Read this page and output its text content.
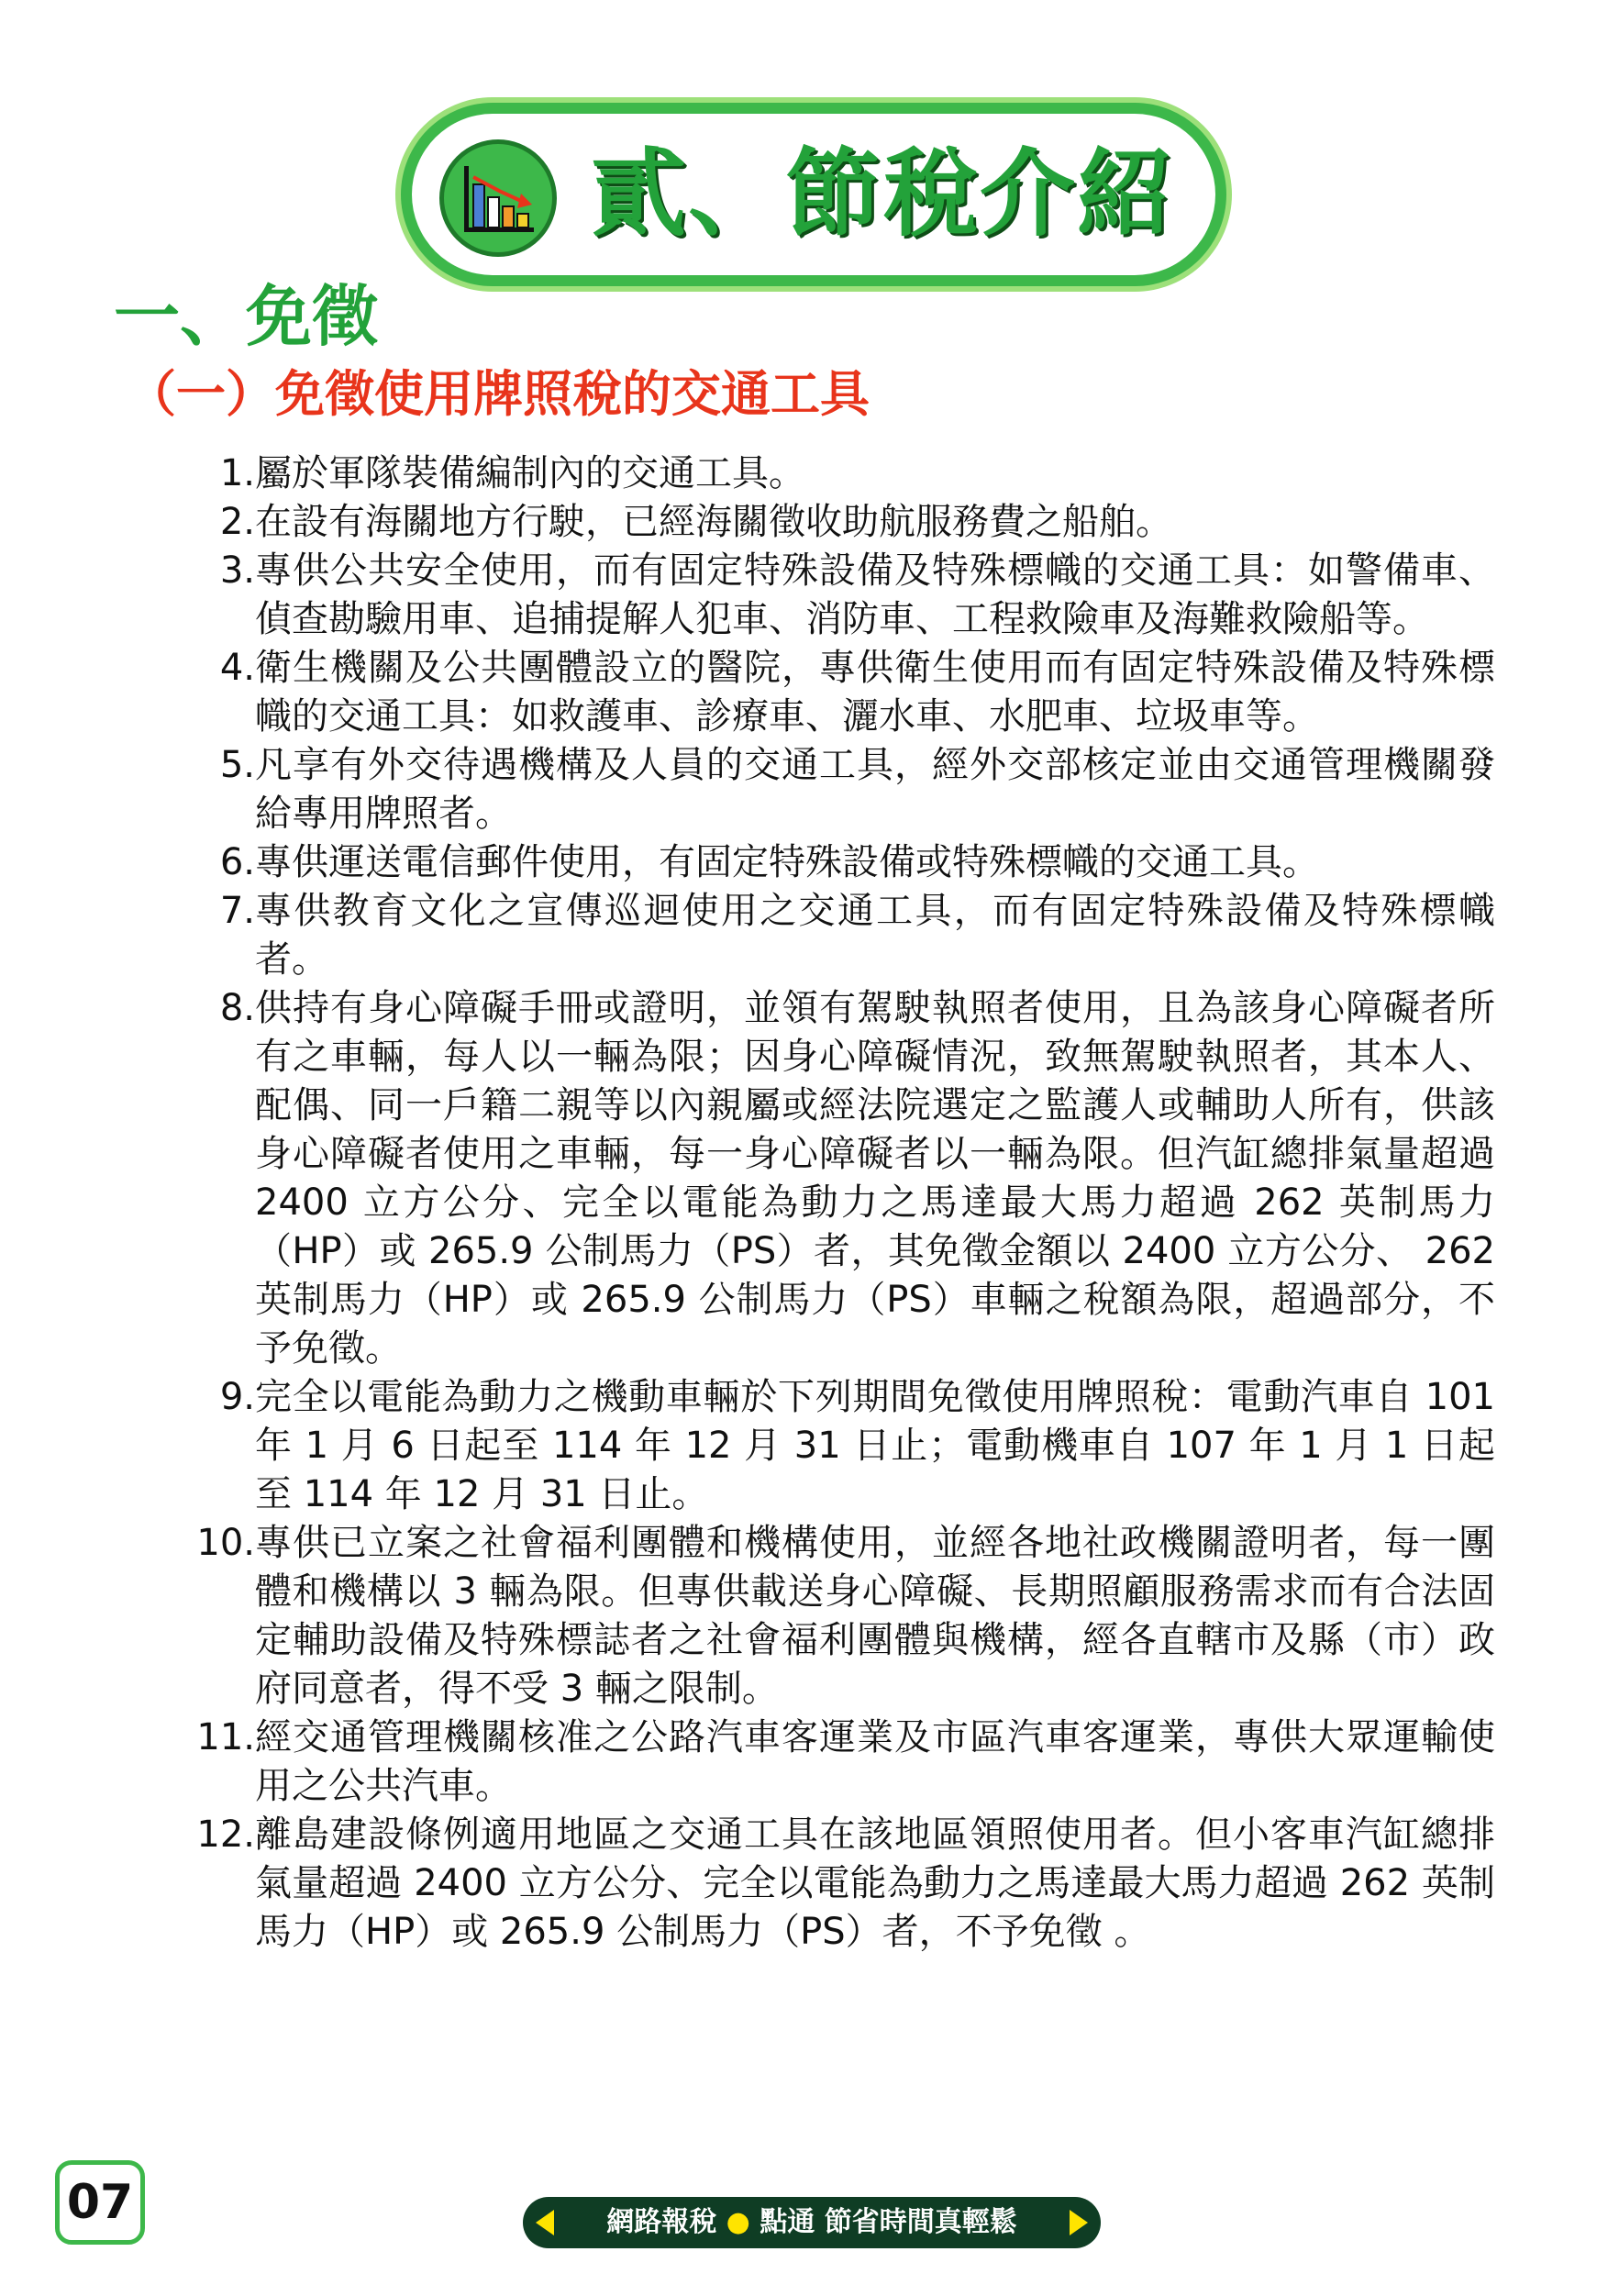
貳、節稅介紹
一、免徵
（一）免徵使用牌照稅的交通工具
1. 屬於軍隊裝備編制內的交通工具。
2. 在設有海關地方行駛，已經海關徵收助航服務費之船舶。
3. 專供公共安全使用，而有固定特殊設備及特殊標幟的交通工具：如警備車、偵查勘驗用車、追捕提解人犯車、消防車、工程救險車及海難救險船等。
4. 衛生機關及公共團體設立的醫院，專供衛生使用而有固定特殊設備及特殊標幟的交通工具：如救護車、診療車、灑水車、水肥車、垃圾車等。
5. 凡享有外交待遇機構及人員的交通工具，經外交部核定並由交通管理機關發給專用牌照者。
6. 專供運送電信郵件使用，有固定特殊設備或特殊標幟的交通工具。
7. 專供教育文化之宣傳巡迴使用之交通工具，而有固定特殊設備及特殊標幟者。
8. 供持有身心障礙手冊或證明，並領有駕駛執照者使用，且為該身心障礙者所有之車輛，每人以一輛為限；因身心障礙情況，致無駕駛執照者，其本人、配偶、同一戶籍二親等以內親屬或經法院選定之監護人或輔助人所有，供該身心障礙者使用之車輛，每一身心障礙者以一輛為限。但汽缸總排氣量超過 2400 立方公分、完全以電能為動力之馬達最大馬力超過 262 英制馬力（HP）或 265.9 公制馬力（PS）者，其免徵金額以 2400 立方公分、 262 英制馬力（HP）或 265.9 公制馬力（PS）車輛之稅額為限，超過部分，不予免徵。
9. 完全以電能為動力之機動車輛於下列期間免徵使用牌照稅：電動汽車自 101 年 1 月 6 日起至 114 年 12 月 31 日止；電動機車自 107 年 1 月 1 日起至 114 年 12 月 31 日止。
10. 專供已立案之社會福利團體和機構使用，並經各地社政機關證明者，每一團體和機構以 3 輛為限。但專供載送身心障礙、長期照顧服務需求而有合法固定輔助設備及特殊標誌者之社會福利團體與機構，經各直轄市及縣（市）政府同意者，得不受 3 輛之限制。
11. 經交通管理機關核准之公路汽車客運業及市區汽車客運業，專供大眾運輸使用之公共汽車。
12. 離島建設條例適用地區之交通工具在該地區領照使用者。但小客車汽缸總排氣量超過 2400 立方公分、完全以電能為動力之馬達最大馬力超過 262 英制馬力（HP）或 265.9 公制馬力（PS）者，不予免徵 。
07	網路報稅 ● 點通 節省時間真輕鬆
